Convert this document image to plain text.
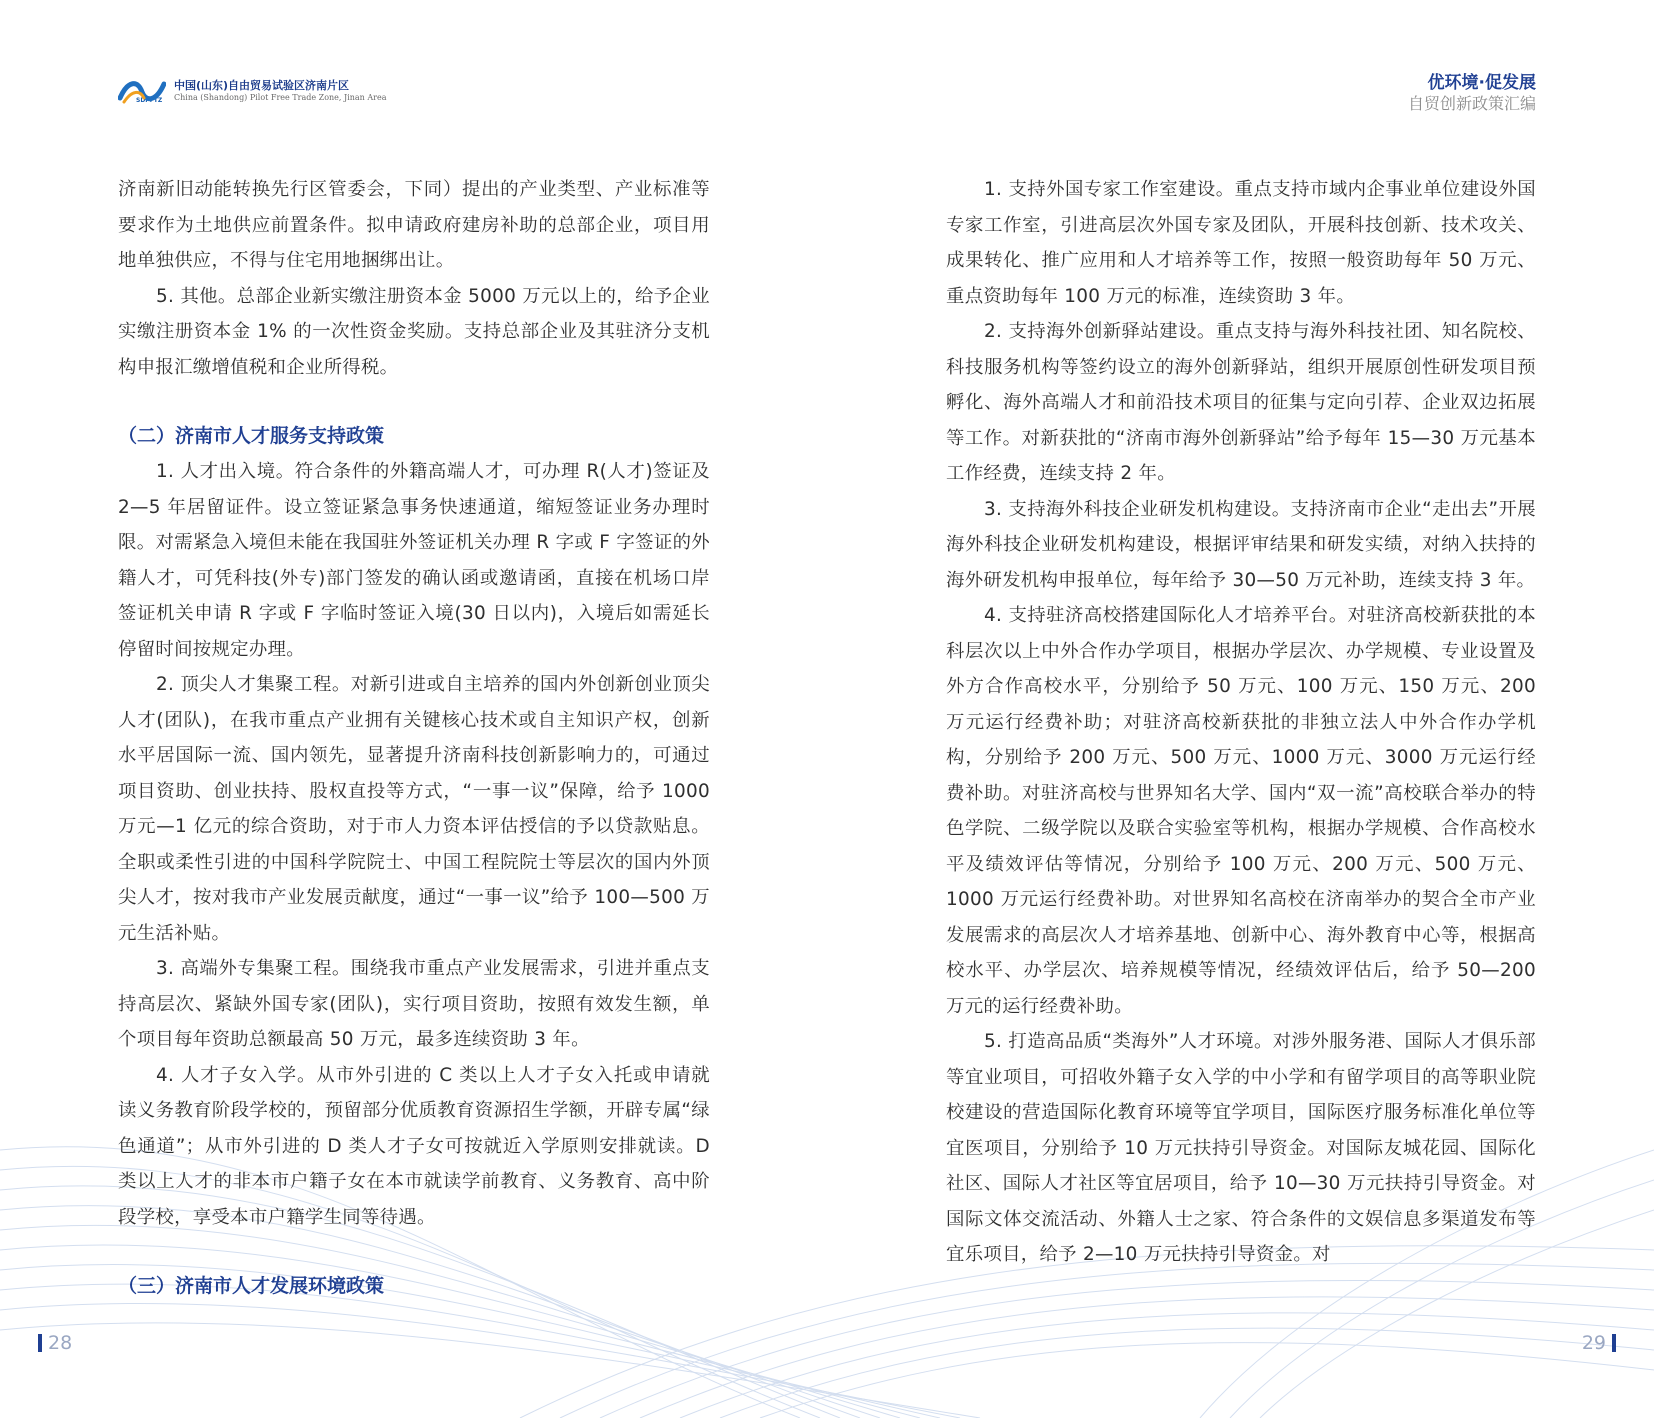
中国(山东)自由贸易试验区济南片区
China (Shandong) Pilot Free Trade Zone, Jinan Area
SDPFTZ
优环境·促发展
自贸创新政策汇编

济南新旧动能转换先行区管委会，下同）提出的产业类型、产业标准等要求作为土地供应前置条件。拟申请政府建房补助的总部企业，项目用地单独供应，不得与住宅用地捆绑出让。

5. 其他。总部企业新实缴注册资本金 5000 万元以上的，给予企业实缴注册资本金 1% 的一次性资金奖励。支持总部企业及其驻济分支机构申报汇缴增值税和企业所得税。

（二）济南市人才服务支持政策

1. 人才出入境。符合条件的外籍高端人才，可办理 R(人才)签证及 2—5 年居留证件。设立签证紧急事务快速通道，缩短签证业务办理时限。对需紧急入境但未能在我国驻外签证机关办理 R 字或 F 字签证的外籍人才，可凭科技(外专)部门签发的确认函或邀请函，直接在机场口岸签证机关申请 R 字或 F 字临时签证入境(30 日以内)，入境后如需延长停留时间按规定办理。

2. 顶尖人才集聚工程。对新引进或自主培养的国内外创新创业顶尖人才(团队)，在我市重点产业拥有关键核心技术或自主知识产权，创新水平居国际一流、国内领先，显著提升济南科技创新影响力的，可通过项目资助、创业扶持、股权直投等方式，“一事一议”保障，给予 1000 万元—1 亿元的综合资助，对于市人力资本评估授信的予以贷款贴息。全职或柔性引进的中国科学院院士、中国工程院院士等层次的国内外顶尖人才，按对我市产业发展贡献度，通过“一事一议”给予 100—500 万元生活补贴。

3. 高端外专集聚工程。围绕我市重点产业发展需求，引进并重点支持高层次、紧缺外国专家(团队)，实行项目资助，按照有效发生额，单个项目每年资助总额最高 50 万元，最多连续资助 3 年。

4. 人才子女入学。从市外引进的 C 类以上人才子女入托或申请就读义务教育阶段学校的，预留部分优质教育资源招生学额，开辟专属“绿色通道”；从市外引进的 D 类人才子女可按就近入学原则安排就读。D 类以上人才的非本市户籍子女在本市就读学前教育、义务教育、高中阶段学校，享受本市户籍学生同等待遇。

（三）济南市人才发展环境政策

1. 支持外国专家工作室建设。重点支持市域内企事业单位建设外国专家工作室，引进高层次外国专家及团队，开展科技创新、技术攻关、成果转化、推广应用和人才培养等工作，按照一般资助每年 50 万元、重点资助每年 100 万元的标准，连续资助 3 年。

2. 支持海外创新驿站建设。重点支持与海外科技社团、知名院校、科技服务机构等签约设立的海外创新驿站，组织开展原创性研发项目预孵化、海外高端人才和前沿技术项目的征集与定向引荐、企业双边拓展等工作。对新获批的“济南市海外创新驿站”给予每年 15—30 万元基本工作经费，连续支持 2 年。

3. 支持海外科技企业研发机构建设。支持济南市企业“走出去”开展海外科技企业研发机构建设，根据评审结果和研发实绩，对纳入扶持的海外研发机构申报单位，每年给予 30—50 万元补助，连续支持 3 年。

4. 支持驻济高校搭建国际化人才培养平台。对驻济高校新获批的本科层次以上中外合作办学项目，根据办学层次、办学规模、专业设置及外方合作高校水平，分别给予 50 万元、100 万元、150 万元、200 万元运行经费补助；对驻济高校新获批的非独立法人中外合作办学机构，分别给予 200 万元、500 万元、1000 万元、3000 万元运行经费补助。对驻济高校与世界知名大学、国内“双一流”高校联合举办的特色学院、二级学院以及联合实验室等机构，根据办学规模、合作高校水平及绩效评估等情况，分别给予 100 万元、200 万元、500 万元、1000 万元运行经费补助。对世界知名高校在济南举办的契合全市产业发展需求的高层次人才培养基地、创新中心、海外教育中心等，根据高校水平、办学层次、培养规模等情况，经绩效评估后，给予 50—200 万元的运行经费补助。

5. 打造高品质“类海外”人才环境。对涉外服务港、国际人才俱乐部等宜业项目，可招收外籍子女入学的中小学和有留学项目的高等职业院校建设的营造国际化教育环境等宜学项目，国际医疗服务标准化单位等宜医项目，分别给予 10 万元扶持引导资金。对国际友城花园、国际化社区、国际人才社区等宜居项目，给予 10—30 万元扶持引导资金。对国际文体交流活动、外籍人士之家、符合条件的文娱信息多渠道发布等宜乐项目，给予 2—10 万元扶持引导资金。对

28	29
